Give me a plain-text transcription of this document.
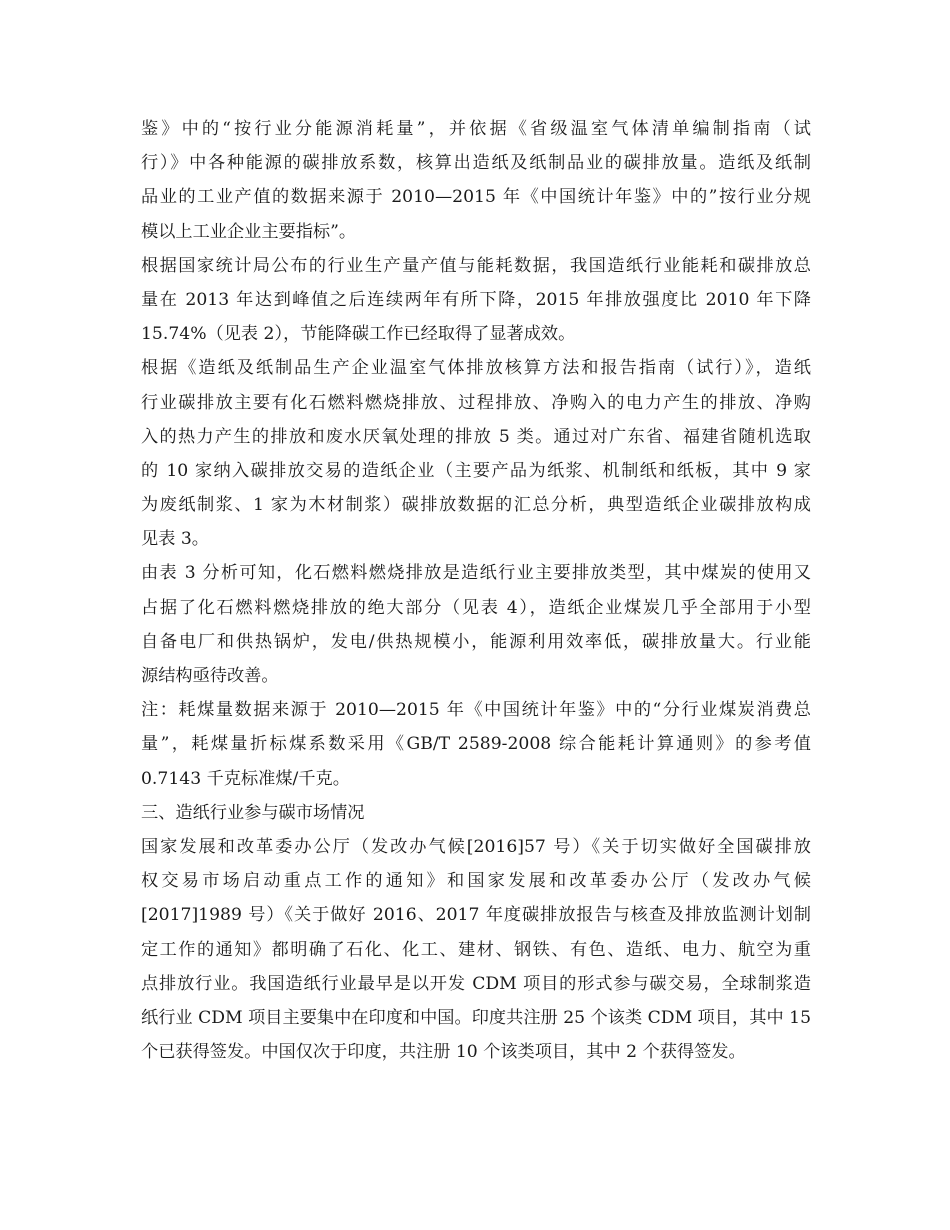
鉴》中的“按行业分能源消耗量”，并依据《省级温室气体清单编制指南（试
行）》中各种能源的碳排放系数，核算出造纸及纸制品业的碳排放量。造纸及纸制
品业的工业产值的数据来源于 2010—2015 年《中国统计年鉴》中的”按行业分规
模以上工业企业主要指标”。
根据国家统计局公布的行业生产量产值与能耗数据，我国造纸行业能耗和碳排放总
量在 2013 年达到峰值之后连续两年有所下降，2015 年排放强度比 2010 年下降
15.74%（见表 2），节能降碳工作已经取得了显著成效。
根据《造纸及纸制品生产企业温室气体排放核算方法和报告指南（试行）》，造纸
行业碳排放主要有化石燃料燃烧排放、过程排放、净购入的电力产生的排放、净购
入的热力产生的排放和废水厌氧处理的排放 5 类。通过对广东省、福建省随机选取
的 10 家纳入碳排放交易的造纸企业（主要产品为纸浆、机制纸和纸板，其中 9 家
为废纸制浆、1 家为木材制浆）碳排放数据的汇总分析，典型造纸企业碳排放构成
见表 3。
由表 3 分析可知，化石燃料燃烧排放是造纸行业主要排放类型，其中煤炭的使用又
占据了化石燃料燃烧排放的绝大部分（见表 4），造纸企业煤炭几乎全部用于小型
自备电厂和供热锅炉，发电/供热规模小，能源利用效率低，碳排放量大。行业能
源结构亟待改善。
注：耗煤量数据来源于 2010—2015 年《中国统计年鉴》中的“分行业煤炭消费总
量”，耗煤量折标煤系数采用《GB/T 2589-2008 综合能耗计算通则》的参考值
0.7143 千克标准煤/千克。
三、造纸行业参与碳市场情况
国家发展和改革委办公厅（发改办气候[2016]57 号）《关于切实做好全国碳排放
权交易市场启动重点工作的通知》和国家发展和改革委办公厅（发改办气候
[2017]1989 号）《关于做好 2016、2017 年度碳排放报告与核查及排放监测计划制
定工作的通知》都明确了石化、化工、建材、钢铁、有色、造纸、电力、航空为重
点排放行业。我国造纸行业最早是以开发 CDM 项目的形式参与碳交易，全球制浆造
纸行业 CDM 项目主要集中在印度和中国。印度共注册 25 个该类 CDM 项目，其中 15
个已获得签发。中国仅次于印度，共注册 10 个该类项目，其中 2 个获得签发。
